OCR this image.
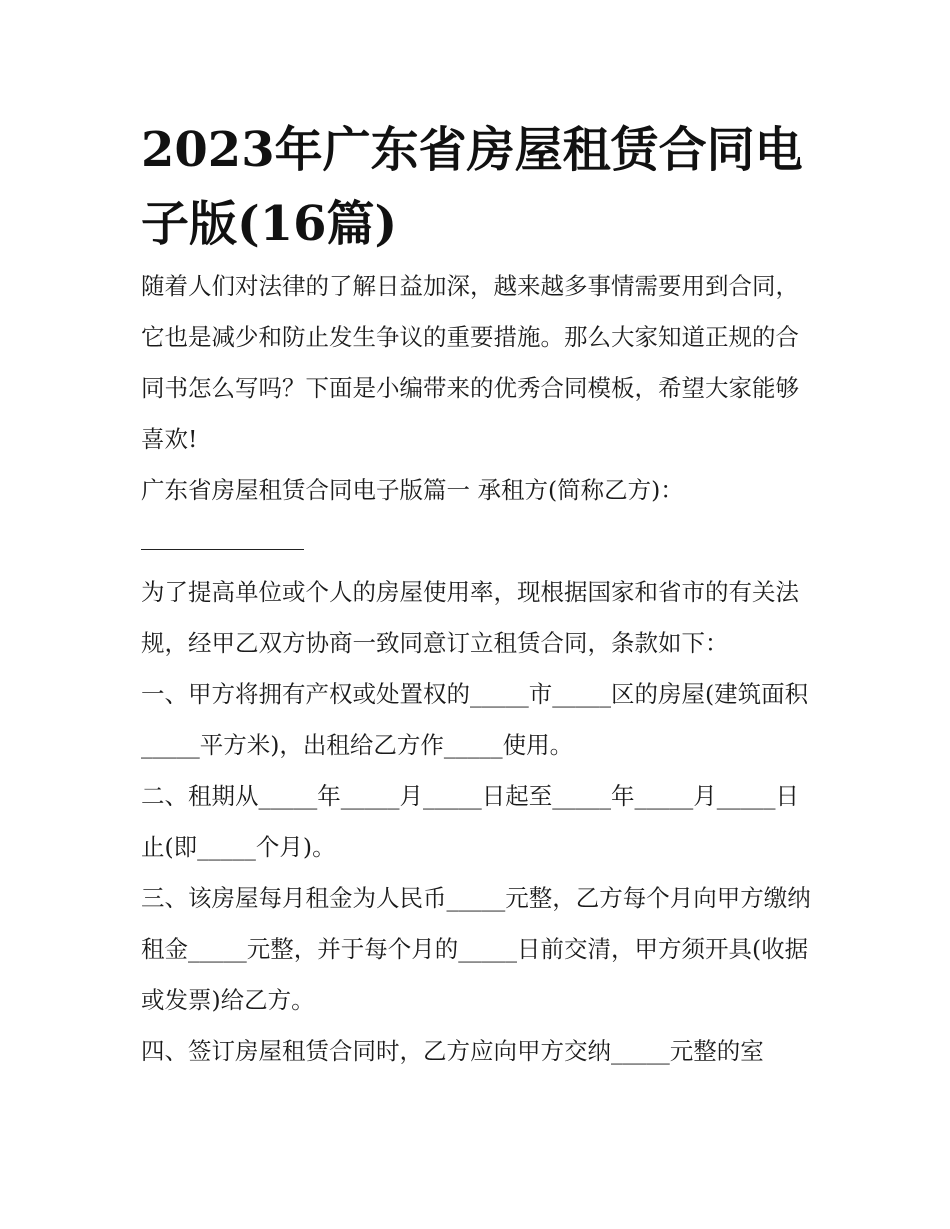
2023年广东省房屋租赁合同电子版(16篇)

随着人们对法律的了解日益加深，越来越多事情需要用到合同，它也是减少和防止发生争议的重要措施。那么大家知道正规的合同书怎么写吗？下面是小编带来的优秀合同模板，希望大家能够喜欢!

广东省房屋租赁合同电子版篇一 承租方(简称乙方)：

为了提高单位或个人的房屋使用率，现根据国家和省市的有关法规，经甲乙双方协商一致同意订立租赁合同，条款如下：

一、甲方将拥有产权或处置权的_____市_____区的房屋(建筑面积_____平方米)，出租给乙方作_____使用。

二、租期从_____年_____月_____日起至_____年_____月_____日止(即_____个月)。

三、该房屋每月租金为人民币_____元整，乙方每个月向甲方缴纳租金_____元整，并于每个月的_____日前交清，甲方须开具(收据或发票)给乙方。

四、签订房屋租赁合同时，乙方应向甲方交纳_____元整的室
